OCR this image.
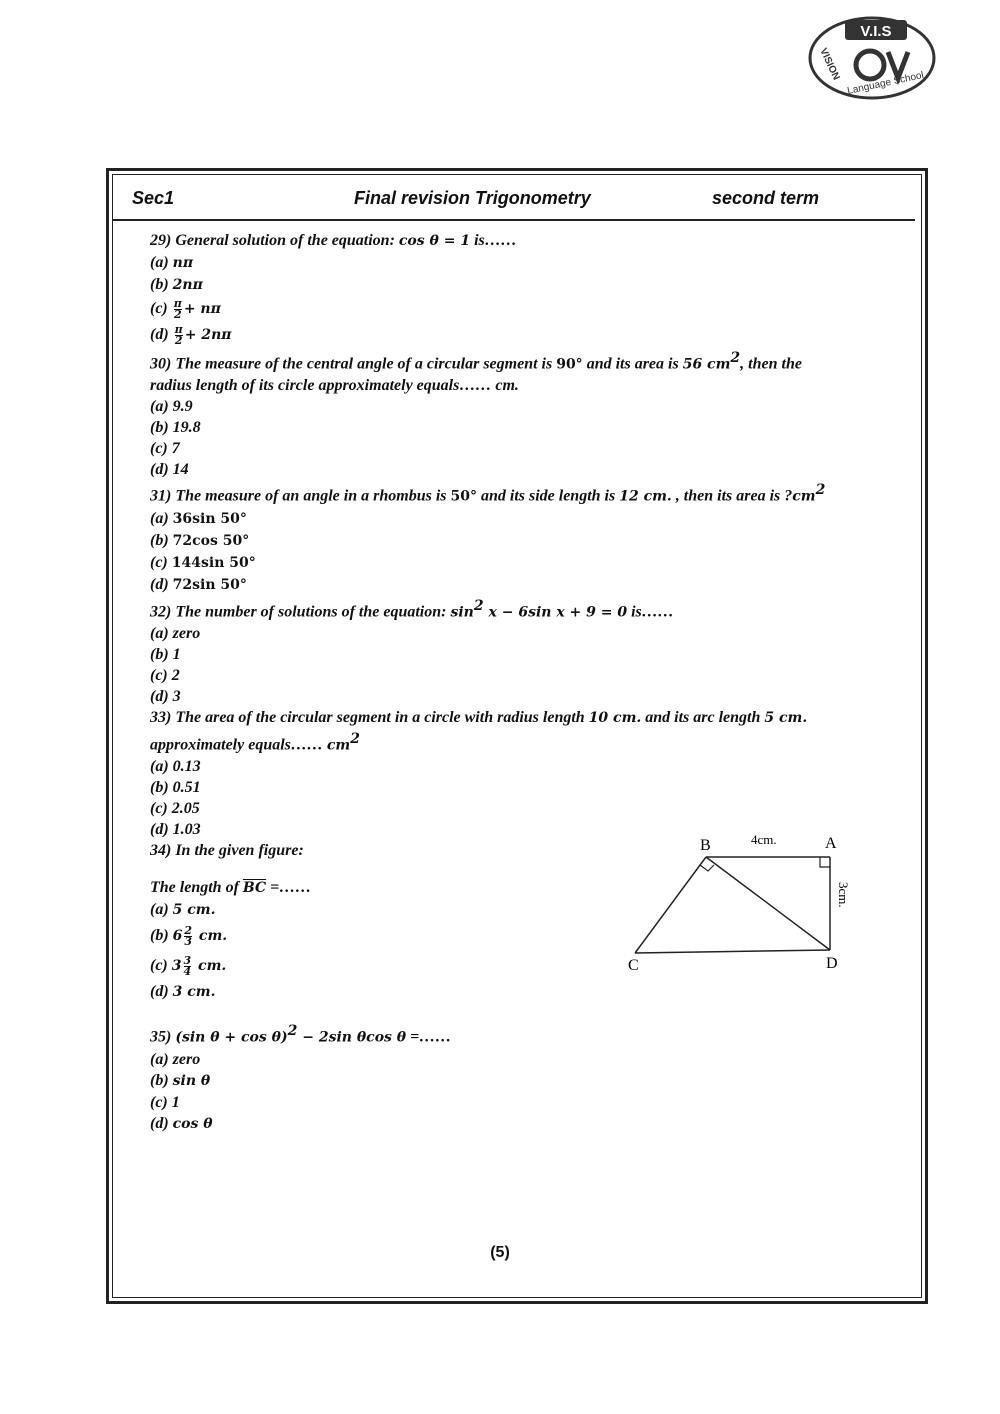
V.I.S
VISION
Language School
Sec1	Final revision Trigonometry	second term

29) General solution of the equation: cos θ = 1 is……

(a) nπ

(b) 2nπ

$(c) \frac{\pi}{2} + n\pi$

$(d) \frac{\pi}{2} + 2n\pi$

30) The measure of the central angle of a circular segment is 90° and its area is 56 $cm^2$, then the

radius length of its circle approximately equals…… cm.

(a) 9.9

(b) 19.8

(c) 7

(d) 14

31) The measure of an angle in a rhombus is 50° and its side length is 12 cm. , then its area is $?cm^2$

(a) 36sin 50°

(b) 72cos 50°

(c) 144sin 50°

(d) 72sin 50°

32) The number of solutions of the equation: $\sin^2 x - 6\sin$ x + 9 = 0 is……

(a) zero

(b) 1

(c) 2

(d) 3

33) The area of the circular segment in a circle with radius length 10 cm. and its arc length 5 cm.

approximately equals…… $cm^2$

(a) 0.13

(b) 0.51

(c) 2.05

(d) 1.03

34) In the given figure:

The length of $\overline{BC}$ =……

(a) 5 cm.

(b) $6 \frac{2}{3}$ cm.

(c) $3 \frac{3}{4}$ cm.

(d) 3 cm.

35) (sin θ + cos θ)$^2$ − 2sin θcos θ =……

(a) zero

(b) sin θ

(c) 1

(d) cos θ

B	A
C	D
4cm.
3cm.
(5)
